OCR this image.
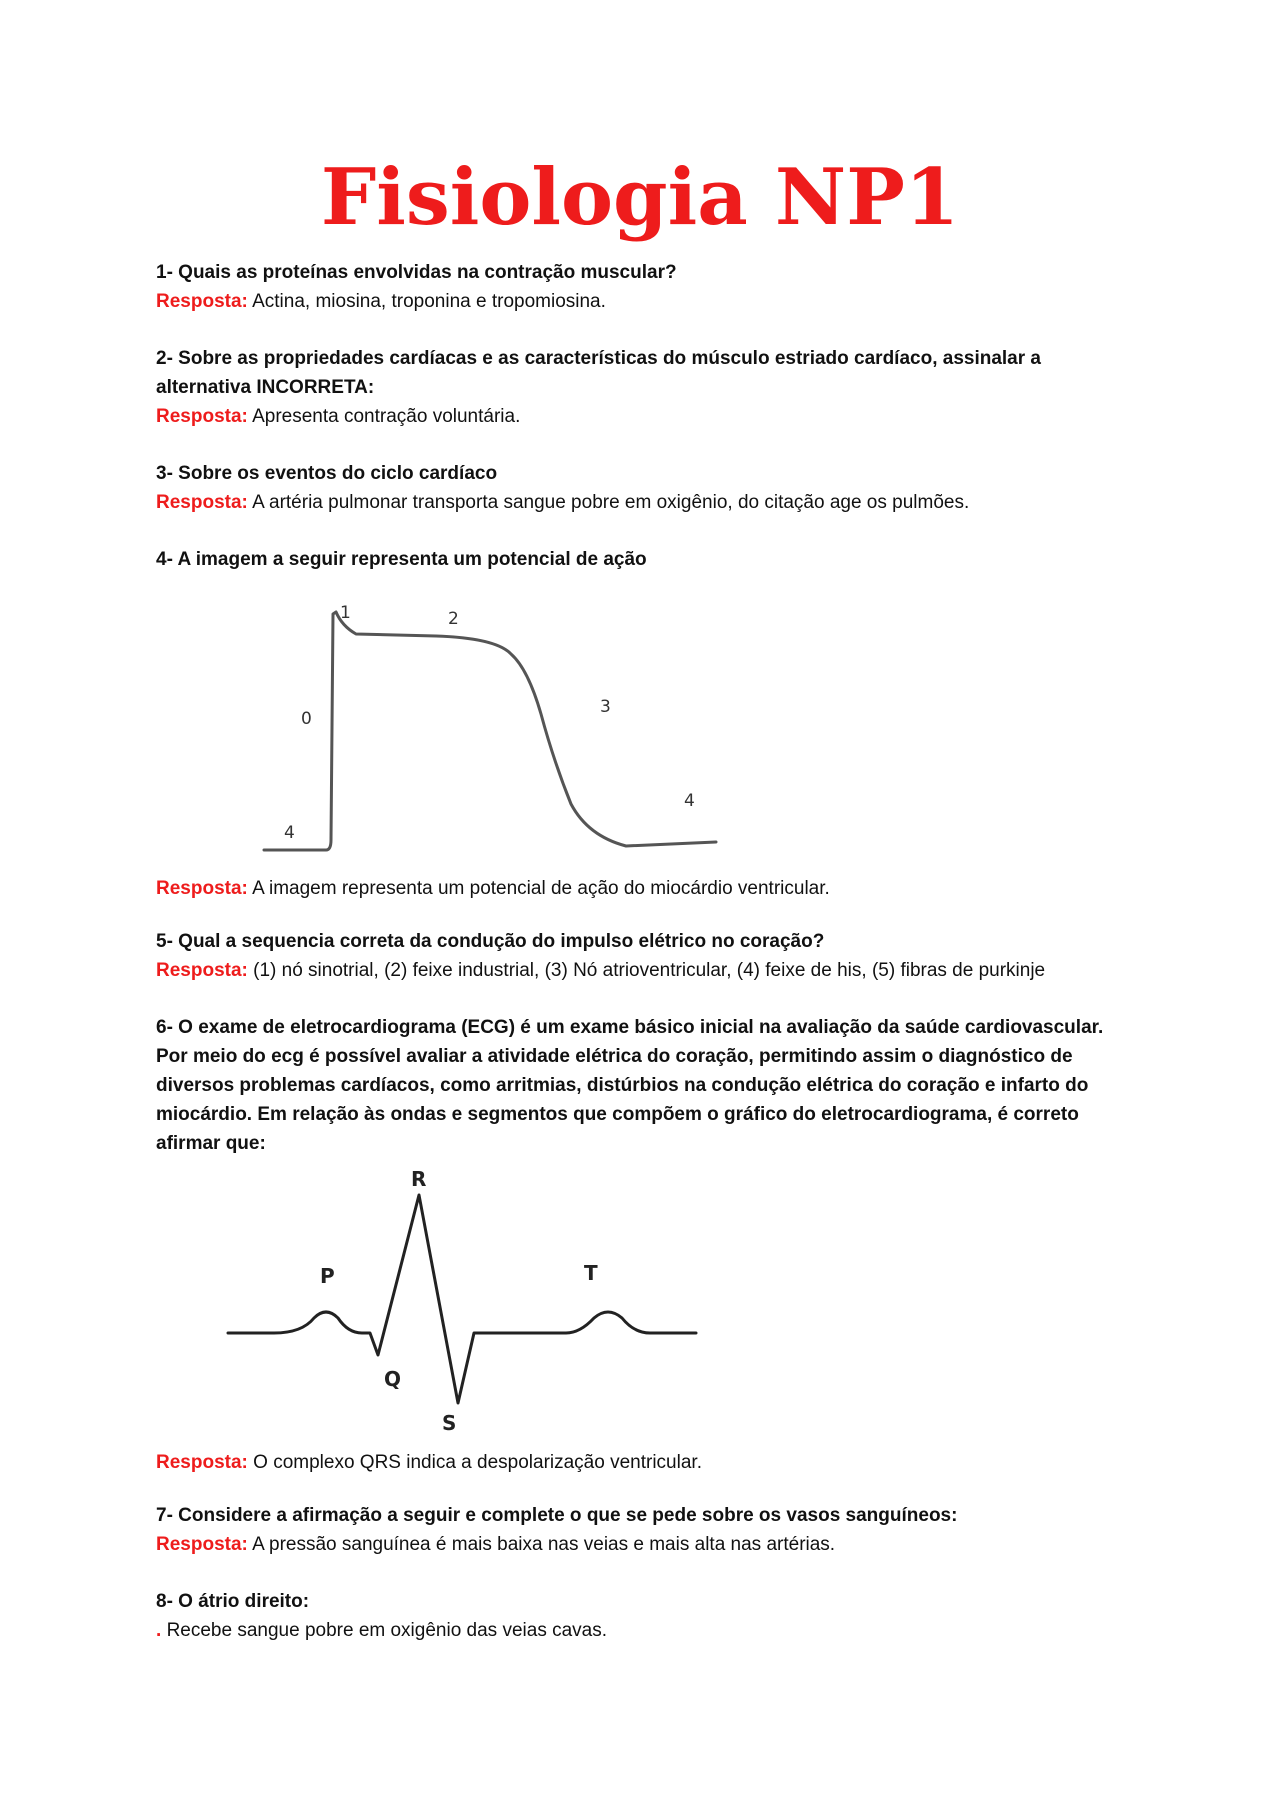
Fisiologia NP1
1- Quais as proteínas envolvidas na contração muscular?
Resposta: Actina, miosina, troponina e tropomiosina.
2- Sobre as propriedades cardíacas e as características do músculo estriado cardíaco, assinalar a alternativa INCORRETA:
Resposta: Apresenta contração voluntária.
3- Sobre os eventos do ciclo cardíaco
Resposta: A artéria pulmonar transporta sangue pobre em oxigênio, do citação age os pulmões.
4- A imagem a seguir representa um potencial de ação
1	2
0
3
4
4
Resposta: A imagem representa um potencial de ação do miocárdio ventricular.
5- Qual a sequencia correta da condução do impulso elétrico no coração?
Resposta: (1) nó sinotrial, (2) feixe industrial, (3) Nó atrioventricular, (4) feixe de his, (5) fibras de purkinje
6- O exame de eletrocardiograma (ECG) é um exame básico inicial na avaliação da saúde cardiovascular. Por meio do ecg é possível avaliar a atividade elétrica do coração, permitindo assim o diagnóstico de diversos problemas cardíacos, como arritmias, distúrbios na condução elétrica do coração e infarto do miocárdio. Em relação às ondas e segmentos que compõem o gráfico do eletrocardiograma, é correto afirmar que:
R
P	T
Q
S
Resposta: O complexo QRS indica a despolarização ventricular.
7- Considere a afirmação a seguir e complete o que se pede sobre os vasos sanguíneos:
Resposta: A pressão sanguínea é mais baixa nas veias e mais alta nas artérias.
8- O átrio direito:
. Recebe sangue pobre em oxigênio das veias cavas.
